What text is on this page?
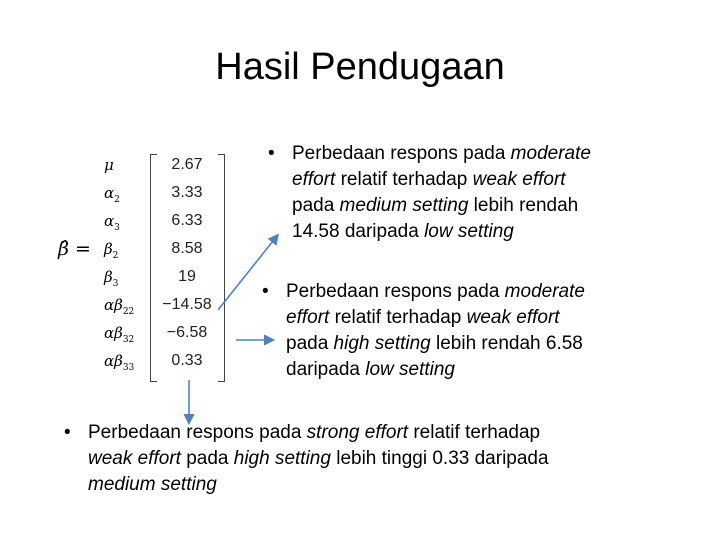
Hasil Pendugaan
β̂ =
μ
$\alpha_2$
$\alpha_3$
$\beta_2$
$\beta_3$
$\alpha\beta_{22}$
$\alpha\beta_{32}$
$\alpha\beta_{33}$
2.67
3.33
6.33
8.58
19
−14.58
−6.58
0.33
• Perbedaan respons pada moderate
effort relatif terhadap weak effort
pada medium setting lebih rendah
14.58 daripada low setting
• Perbedaan respons pada moderate
effort relatif terhadap weak effort
pada high setting lebih rendah 6.58
daripada low setting
• Perbedaan respons pada strong effort relatif terhadap
weak effort pada high setting lebih tinggi 0.33 daripada
medium setting
